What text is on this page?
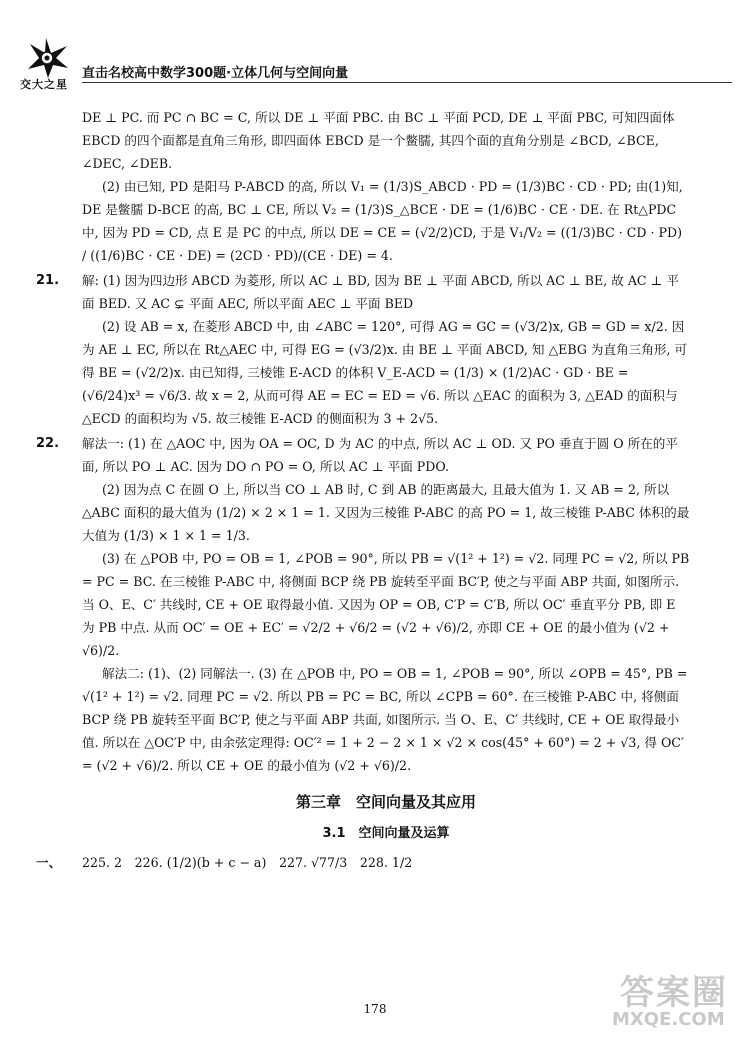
交大之星
直击名校高中数学300题·立体几何与空间向量

DE ⊥ PC. 而 PC ∩ BC = C, 所以 DE ⊥ 平面 PBC. 由 BC ⊥ 平面 PCD, DE ⊥ 平面 PBC, 可知四面体 EBCD 的四个面都是直角三角形, 即四面体 EBCD 是一个鳖臑, 其四个面的直角分别是 ∠BCD, ∠BCE, ∠DEC, ∠DEB.

(2) 由已知, PD 是阳马 P-ABCD 的高, 所以 V₁ = (1/3)S_ABCD · PD = (1/3)BC · CD · PD; 由(1)知, DE 是鳖臑 D-BCE 的高, BC ⊥ CE, 所以 V₂ = (1/3)S_△BCE · DE = (1/6)BC · CE · DE. 在 Rt△PDC 中, 因为 PD = CD, 点 E 是 PC 的中点, 所以 DE = CE = (√2/2)CD, 于是 V₁/V₂ = ((1/3)BC · CD · PD) / ((1/6)BC · CE · DE) = (2CD · PD)/(CE · DE) = 4.

21. 解: (1) 因为四边形 ABCD 为菱形, 所以 AC ⊥ BD, 因为 BE ⊥ 平面 ABCD, 所以 AC ⊥ BE, 故 AC ⊥ 平面 BED. 又 AC ⊊ 平面 AEC, 所以平面 AEC ⊥ 平面 BED

(2) 设 AB = x, 在菱形 ABCD 中, 由 ∠ABC = 120°, 可得 AG = GC = (√3/2)x, GB = GD = x/2. 因为 AE ⊥ EC, 所以在 Rt△AEC 中, 可得 EG = (√3/2)x. 由 BE ⊥ 平面 ABCD, 知 △EBG 为直角三角形, 可得 BE = (√2/2)x. 由已知得, 三棱锥 E-ACD 的体积 V_E-ACD = (1/3) × (1/2)AC · GD · BE = (√6/24)x³ = √6/3. 故 x = 2, 从而可得 AE = EC = ED = √6. 所以 △EAC 的面积为 3, △EAD 的面积与 △ECD 的面积均为 √5. 故三棱锥 E-ACD 的侧面积为 3 + 2√5.

22. 解法一: (1) 在 △AOC 中, 因为 OA = OC, D 为 AC 的中点, 所以 AC ⊥ OD. 又 PO 垂直于圆 O 所在的平面, 所以 PO ⊥ AC. 因为 DO ∩ PO = O, 所以 AC ⊥ 平面 PDO.

(2) 因为点 C 在圆 O 上, 所以当 CO ⊥ AB 时, C 到 AB 的距离最大, 且最大值为 1. 又 AB = 2, 所以 △ABC 面积的最大值为 (1/2) × 2 × 1 = 1. 又因为三棱锥 P-ABC 的高 PO = 1, 故三棱锥 P-ABC 体积的最大值为 (1/3) × 1 × 1 = 1/3.

(3) 在 △POB 中, PO = OB = 1, ∠POB = 90°, 所以 PB = √(1² + 1²) = √2. 同理 PC = √2, 所以 PB = PC = BC. 在三棱锥 P-ABC 中, 将侧面 BCP 绕 PB 旋转至平面 BC′P, 使之与平面 ABP 共面, 如图所示. 当 O、E、C′ 共线时, CE + OE 取得最小值. 又因为 OP = OB, C′P = C′B, 所以 OC′ 垂直平分 PB, 即 E 为 PB 中点. 从而 OC′ = OE + EC′ = √2/2 + √6/2 = (√2 + √6)/2, 亦即 CE + OE 的最小值为 (√2 + √6)/2.

解法二: (1)、(2) 同解法一. (3) 在 △POB 中, PO = OB = 1, ∠POB = 90°, 所以 ∠OPB = 45°, PB = √(1² + 1²) = √2. 同理 PC = √2. 所以 PB = PC = BC, 所以 ∠CPB = 60°. 在三棱锥 P-ABC 中, 将侧面 BCP 绕 PB 旋转至平面 BC′P, 使之与平面 ABP 共面, 如图所示. 当 O、E、C′ 共线时, CE + OE 取得最小值. 所以在 △OC′P 中, 由余弦定理得: OC′² = 1 + 2 − 2 × 1 × √2 × cos(45° + 60°) = 2 + √3, 得 OC′ = (√2 + √6)/2. 所以 CE + OE 的最小值为 (√2 + √6)/2.

第三章　空间向量及其应用
3.1　空间向量及运算
一、 225. 2　226. (1/2)(b + c − a)　227. √77/3　228. 1/2
178	答案圈
MXQE.COM
